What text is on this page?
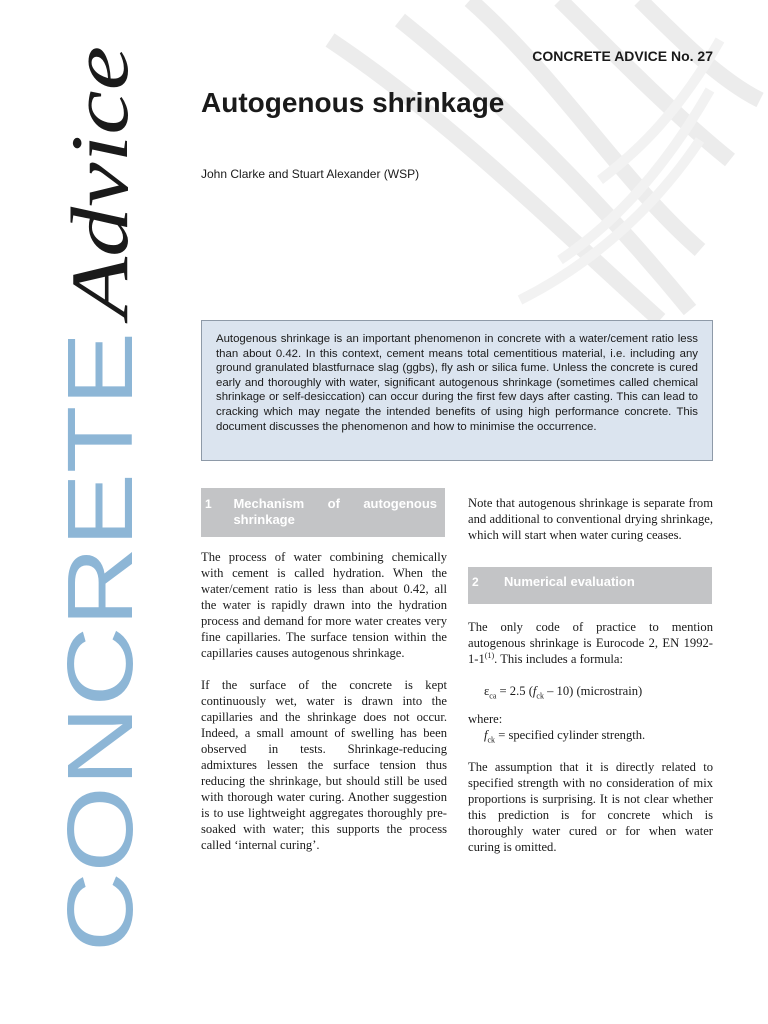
CONCRETE
Advice
CONCRETE ADVICE No. 27
Autogenous shrinkage
John Clarke and Stuart Alexander (WSP)
Autogenous shrinkage is an important phenomenon in concrete with a water/cement ratio less than about 0.42. In this context, cement means total cementitious material, i.e. including any ground granulated blastfurnace slag (ggbs), fly ash or silica fume. Unless the concrete is cured early and thoroughly with water, significant autogenous shrinkage (sometimes called chemical shrinkage or self-desiccation) can occur during the first few days after casting. This can lead to cracking which may negate the intended benefits of using high performance concrete. This document discusses the phenomenon and how to minimise the occurrence.
1	Mechanism of autogenous shrinkage

The process of water combining chemically with cement is called hydration. When the water/cement ratio is less than about 0.42, all the water is rapidly drawn into the hydration process and demand for more water creates very fine capillaries. The surface tension within the capillaries causes autogenous shrinkage.

If the surface of the concrete is kept continuously wet, water is drawn into the capillaries and the shrinkage does not occur. Indeed, a small amount of swelling has been observed in tests. Shrinkage-reducing admixtures lessen the surface tension thus reducing the shrinkage, but should still be used with thorough water curing. Another suggestion is to use lightweight aggregates thoroughly pre-soaked with water; this supports the process called ‘internal curing’.

Note that autogenous shrinkage is separate from and additional to conventional drying shrinkage, which will start when water curing ceases.

2	Numerical evaluation

The only code of practice to mention autogenous shrinkage is Eurocode 2, EN 1992-1-1$^{(1)}$. This includes a formula:

$\varepsilon_{ca} = 2.5$ $(f_{ck} - 10)$ (microstrain)

where:

$f_{ck}$ = specified cylinder strength.

The assumption that it is directly related to specified strength with no consideration of mix proportions is surprising. It is not clear whether this prediction is for concrete which is thoroughly water cured or for when water curing is omitted.
